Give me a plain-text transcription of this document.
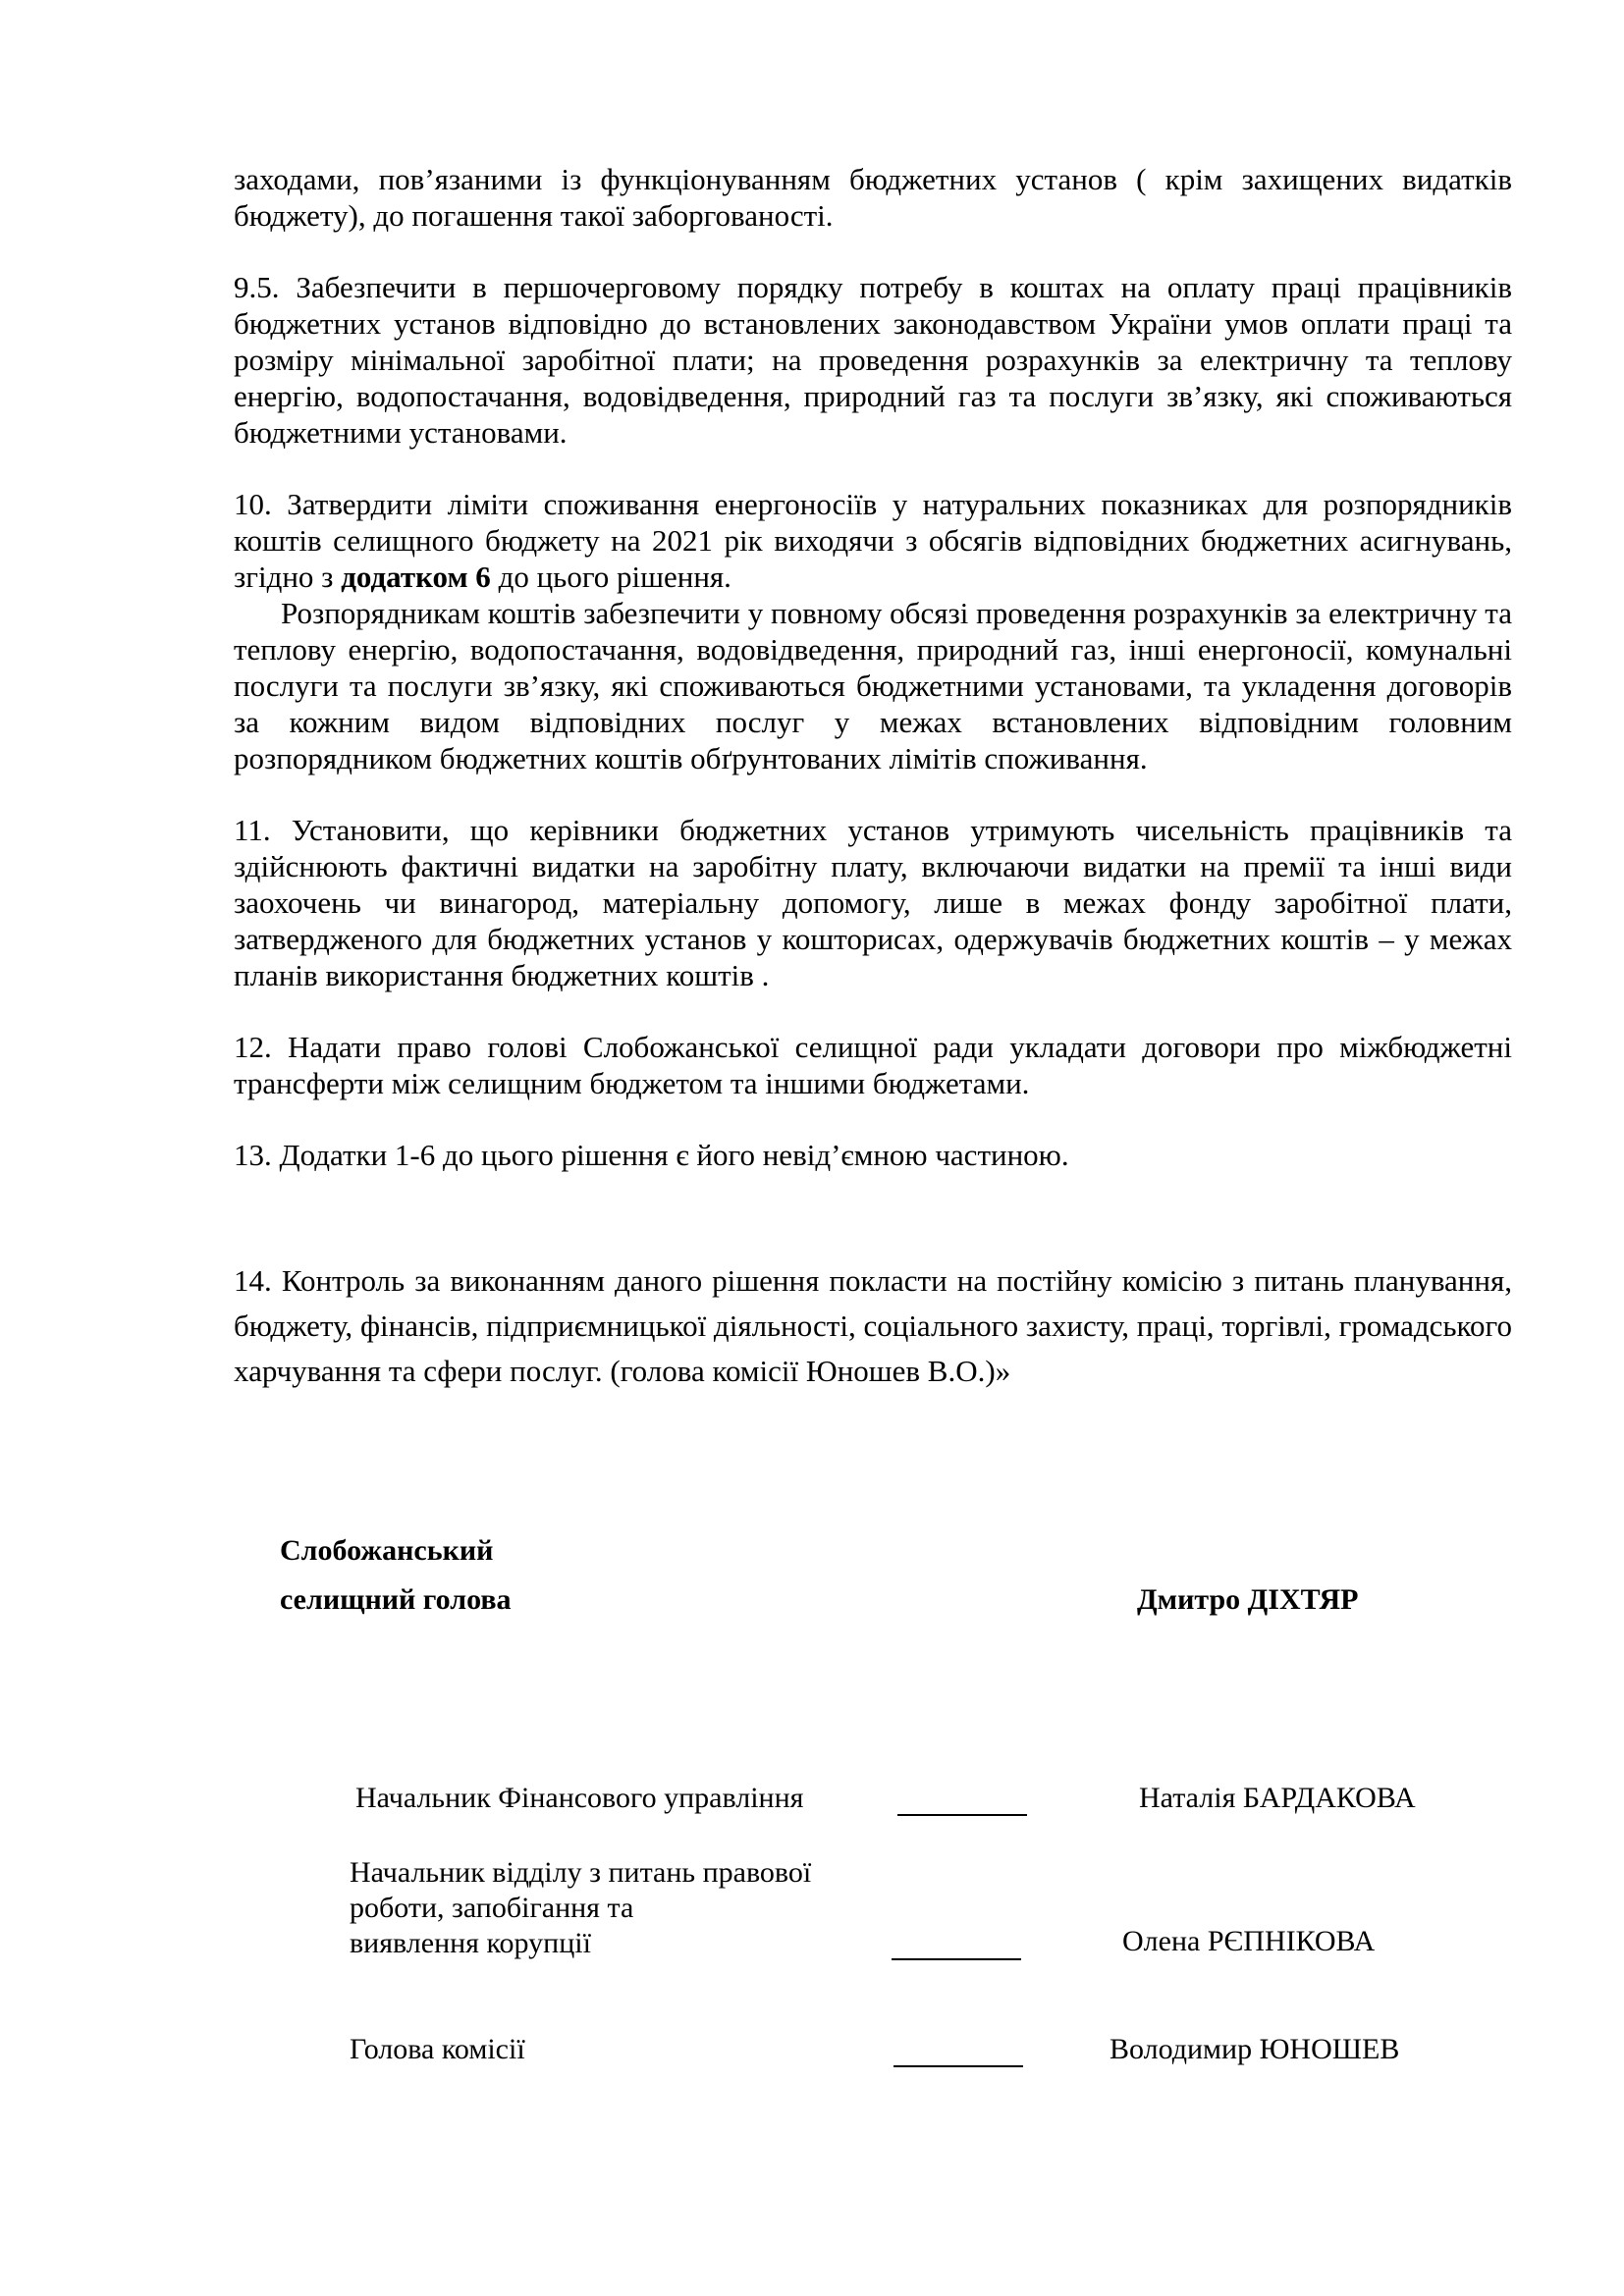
заходами, пов’язаними із функціонуванням бюджетних установ ( крім захищених видатків бюджету), до погашення такої заборгованості.

9.5. Забезпечити в першочерговому порядку потребу в коштах на оплату праці працівників бюджетних установ відповідно до встановлених законодавством України умов оплати праці та розміру мінімальної заробітної плати; на проведення розрахунків за електричну та теплову енергію, водопостачання, водовідведення, природний газ та послуги зв’язку, які споживаються бюджетними установами.

10. Затвердити ліміти споживання енергоносіїв у натуральних показниках для розпорядників коштів селищного бюджету на 2021 рік виходячи з обсягів відповідних бюджетних асигнувань, згідно з додатком 6 до цього рішення.

Розпорядникам коштів забезпечити у повному обсязі проведення розрахунків за електричну та теплову енергію, водопостачання, водовідведення, природний газ, інші енергоносії, комунальні послуги та послуги зв’язку, які споживаються бюджетними установами, та укладення договорів за кожним видом відповідних послуг у межах встановлених відповідним головним розпорядником бюджетних коштів обґрунтованих лімітів споживання.

11. Установити, що керівники бюджетних установ утримують чисельність працівників та здійснюють фактичні видатки на заробітну плату, включаючи видатки на премії та інші види заохочень чи винагород, матеріальну допомогу, лише в межах фонду заробітної плати, затвердженого для бюджетних установ у кошторисах, одержувачів бюджетних коштів – у межах планів використання бюджетних коштів .

12. Надати право голові Слобожанської селищної ради укладати договори про міжбюджетні трансферти між селищним бюджетом та іншими бюджетами.

13. Додатки 1-6 до цього рішення є його невід’ємною частиною.

14. Контроль за виконанням даного рішення покласти на постійну комісію з питань планування, бюджету, фінансів, підприємницької діяльності, соціального захисту, праці, торгівлі, громадського харчування та сфери послуг. (голова комісії Юношев В.О.)»

Слобожанський
селищний голова	Дмитро ДІХТЯР
Начальник Фінансового управління	Наталія БАРДАКОВА
Начальник відділу з питань правової
роботи, запобігання та
виявлення корупції	Олена РЄПНІКОВА
Голова комісії	Володимир ЮНОШЕВ
